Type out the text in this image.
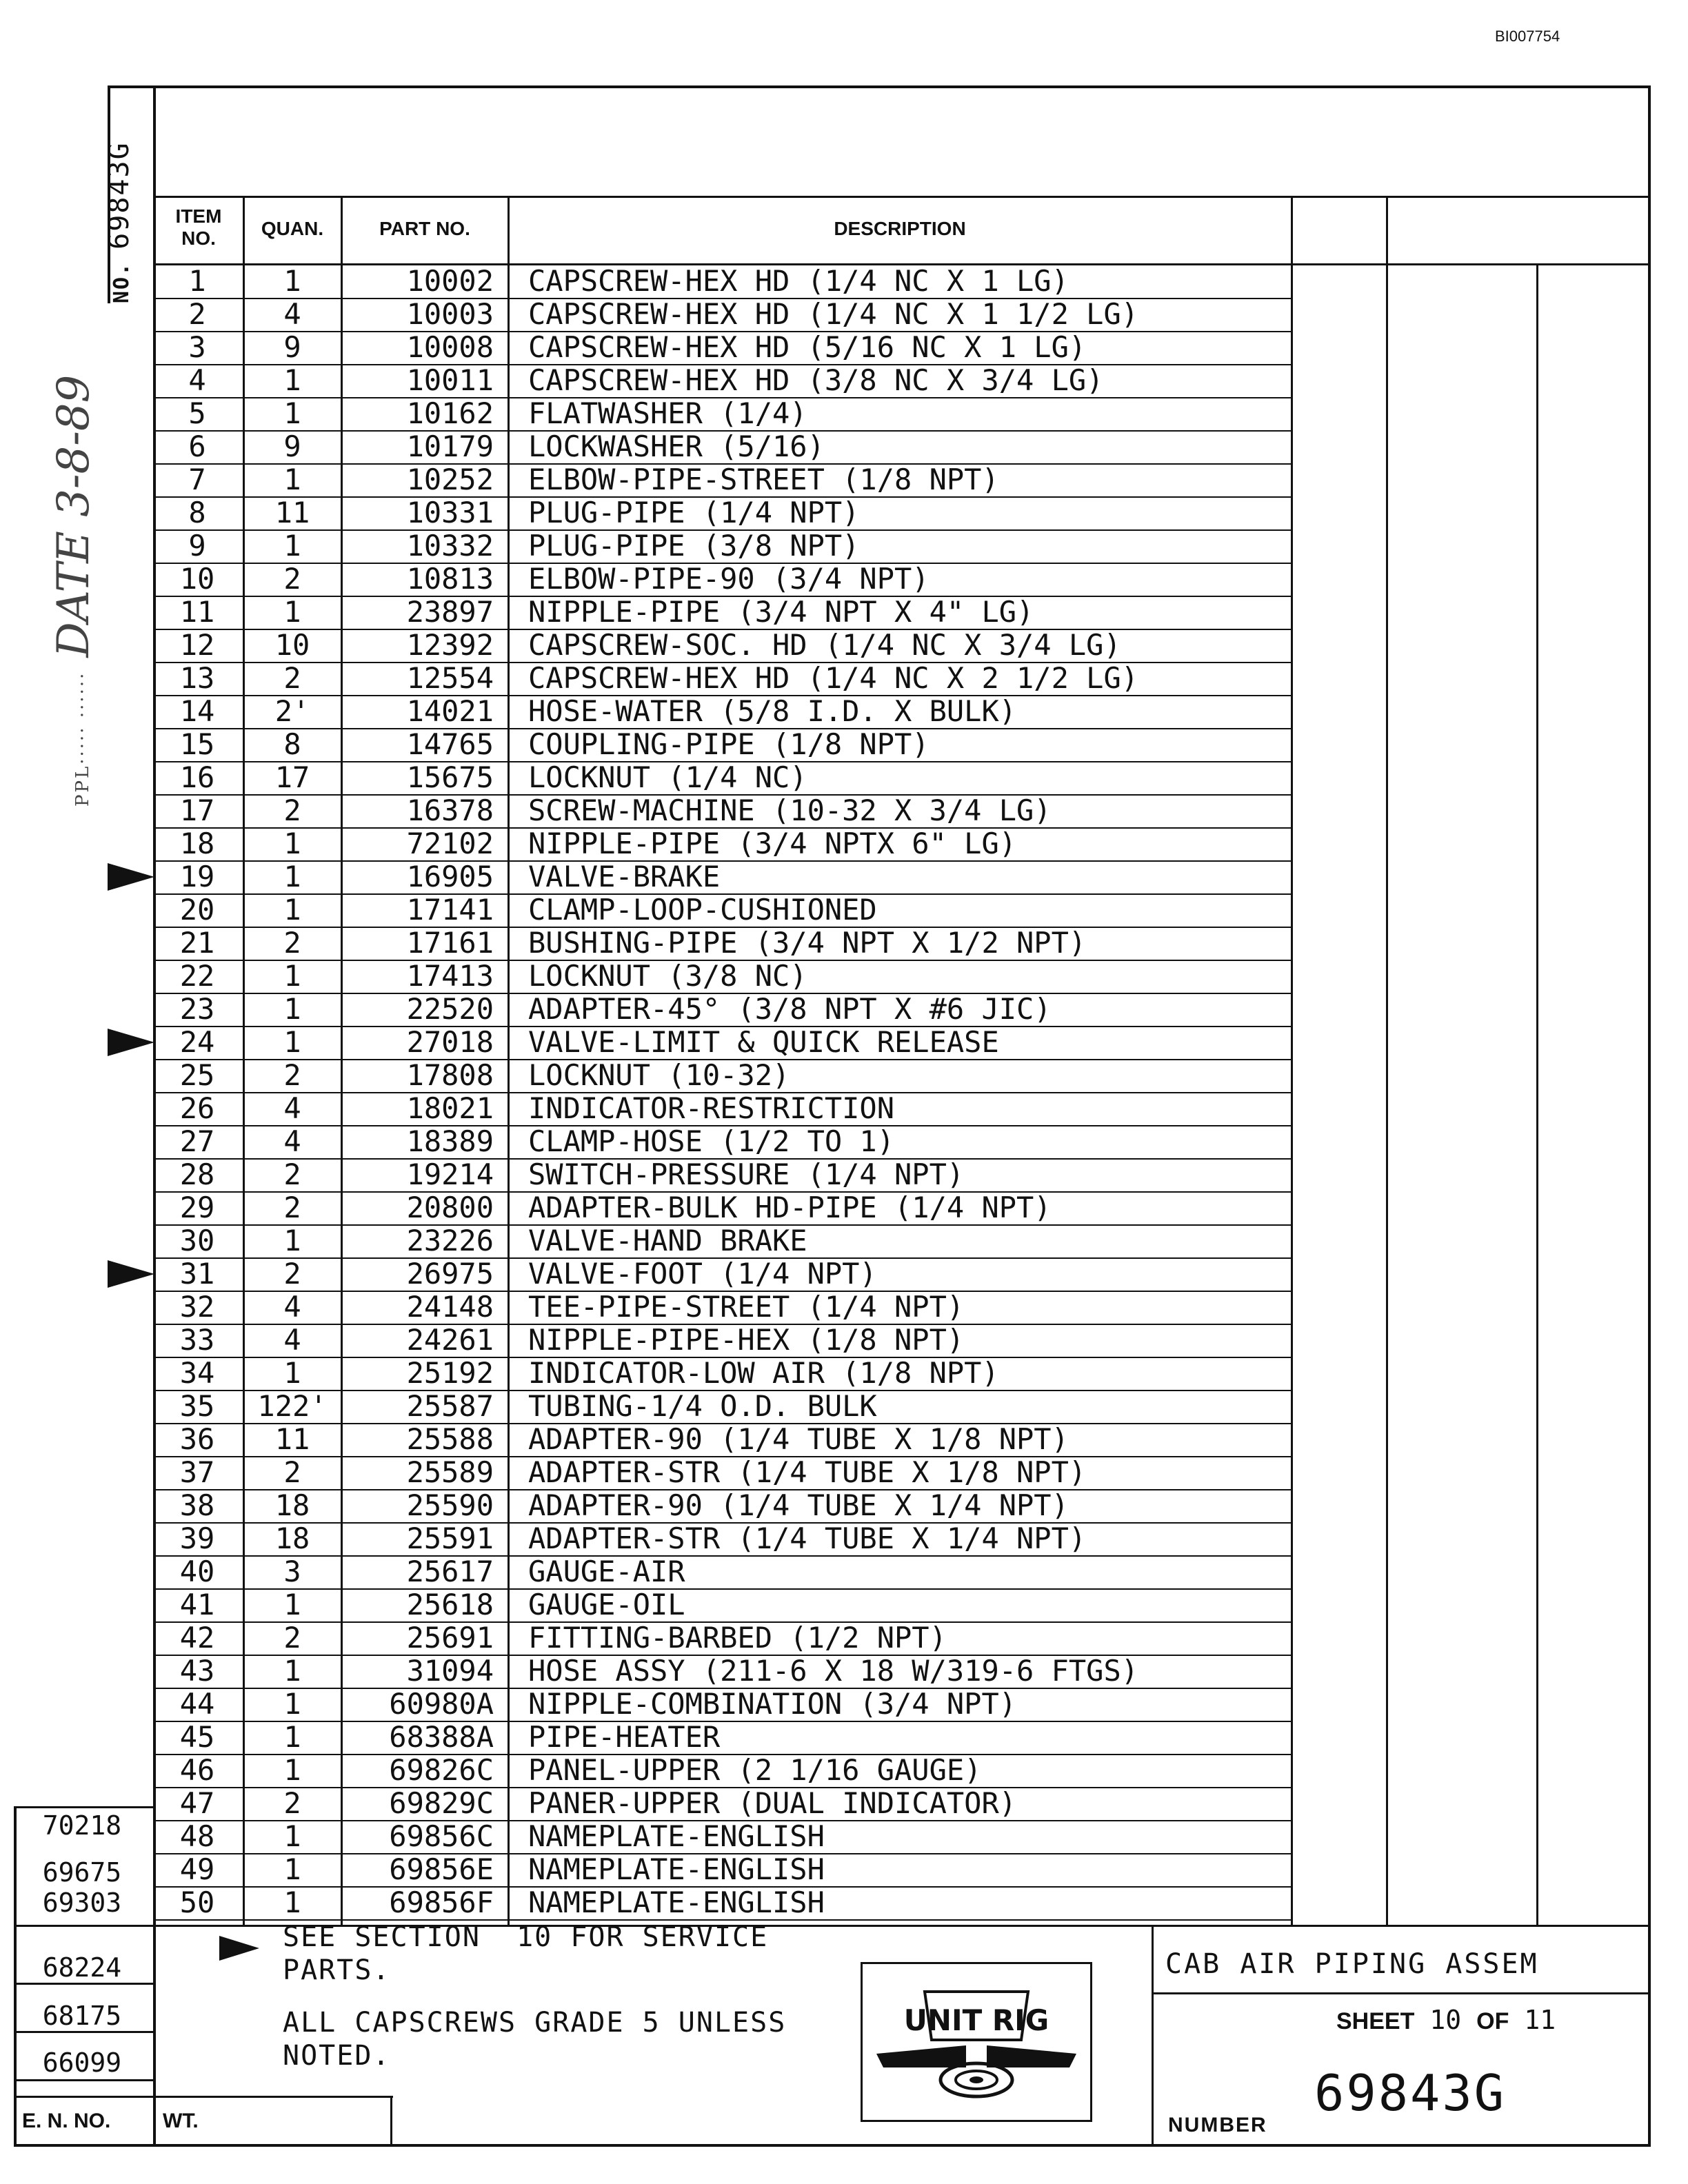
BI007754
NO.69843G
PPL····· ······DATE 3-8-89
ITEM NO.	QUAN.	PART NO.	DESCRIPTION
1	1	10002 CAPSCREW-HEX HD (1/4 NC X 1 LG)
2	4	10003 CAPSCREW-HEX HD (1/4 NC X 1 1/2 LG)
3	9	10008 CAPSCREW-HEX HD (5/16 NC X 1 LG)
4	1	10011 CAPSCREW-HEX HD (3/8 NC X 3/4 LG)
5	1	10162 FLATWASHER (1/4)
6	9	10179 LOCKWASHER (5/16)
7	1	10252 ELBOW-PIPE-STREET (1/8 NPT)
8	11	10331 PLUG-PIPE (1/4 NPT)
9	1	10332 PLUG-PIPE (3/8 NPT)
10	2	10813 ELBOW-PIPE-90 (3/4 NPT)
11	1	23897 NIPPLE-PIPE (3/4 NPT X 4" LG)
12	10	12392 CAPSCREW-SOC. HD (1/4 NC X 3/4 LG)
13	2	12554 CAPSCREW-HEX HD (1/4 NC X 2 1/2 LG)
14	2'	14021 HOSE-WATER (5/8 I.D. X BULK)
15	8	14765 COUPLING-PIPE (1/8 NPT)
16	17	15675 LOCKNUT (1/4 NC)
17	2	16378 SCREW-MACHINE (10-32 X 3/4 LG)
18	1	72102 NIPPLE-PIPE (3/4 NPTX 6" LG)
19	1	16905 VALVE-BRAKE
20	1	17141 CLAMP-LOOP-CUSHIONED
21	2	17161 BUSHING-PIPE (3/4 NPT X 1/2 NPT)
22	1	17413 LOCKNUT (3/8 NC)
23	1	22520 ADAPTER-45° (3/8 NPT X #6 JIC)
24	1	27018 VALVE-LIMIT & QUICK RELEASE
25	2	17808 LOCKNUT (10-32)
26	4	18021 INDICATOR-RESTRICTION
27	4	18389 CLAMP-HOSE (1/2 TO 1)
28	2	19214 SWITCH-PRESSURE (1/4 NPT)
29	2	20800 ADAPTER-BULK HD-PIPE (1/4 NPT)
30	1	23226 VALVE-HAND BRAKE
31	2	26975 VALVE-FOOT (1/4 NPT)
32	4	24148 TEE-PIPE-STREET (1/4 NPT)
33	4	24261 NIPPLE-PIPE-HEX (1/8 NPT)
34	1	25192 INDICATOR-LOW AIR (1/8 NPT)
35	122'	25587 TUBING-1/4 O.D. BULK
36	11	25588 ADAPTER-90 (1/4 TUBE X 1/8 NPT)
37	2	25589 ADAPTER-STR (1/4 TUBE X 1/8 NPT)
38	18	25590 ADAPTER-90 (1/4 TUBE X 1/4 NPT)
39	18	25591 ADAPTER-STR (1/4 TUBE X 1/4 NPT)
40	3	25617 GAUGE-AIR
41	1	25618 GAUGE-OIL
42	2	25691 FITTING-BARBED (1/2 NPT)
43	1	31094 HOSE ASSY (211-6 X 18 W/319-6 FTGS)
44	1	60980A NIPPLE-COMBINATION (3/4 NPT)
45	1	68388A PIPE-HEATER
46	1	69826C PANEL-UPPER (2 1/16 GAUGE)
47	2	69829C PANER-UPPER (DUAL INDICATOR)
48	1	69856C NAMEPLATE-ENGLISH
49	1	69856E NAMEPLATE-ENGLISH
50	1	69856F NAMEPLATE-ENGLISH
SEE SECTION  10 FOR SERVICE
PARTS.
ALL CAPSCREWS GRADE 5 UNLESS
NOTED.
UNIT RIG
CAB AIR PIPING ASSEM
SHEET 10 OF 11
NUMBER
69843G
70218
69675
69303
68224
68175
66099
E. N. NO.	WT.
